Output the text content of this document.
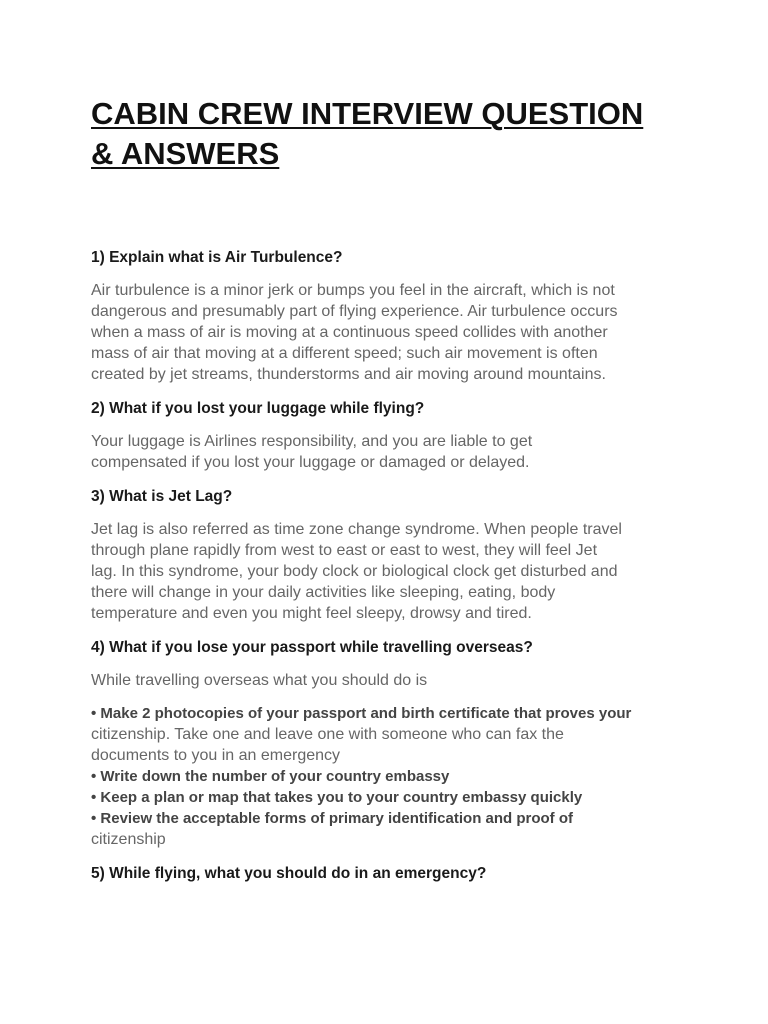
CABIN CREW INTERVIEW QUESTION
& ANSWERS

1) Explain what is Air Turbulence?

Air turbulence is a minor jerk or bumps you feel in the aircraft, which is not
dangerous and presumably part of flying experience. Air turbulence occurs
when a mass of air is moving at a continuous speed collides with another
mass of air that moving at a different speed; such air movement is often
created by jet streams, thunderstorms and air moving around mountains.

2) What if you lost your luggage while flying?

Your luggage is Airlines responsibility, and you are liable to get
compensated if you lost your luggage or damaged or delayed.

3) What is Jet Lag?

Jet lag is also referred as time zone change syndrome. When people travel
through plane rapidly from west to east or east to west, they will feel Jet
lag. In this syndrome, your body clock or biological clock get disturbed and
there will change in your daily activities like sleeping, eating, body
temperature and even you might feel sleepy, drowsy and tired.

4) What if you lose your passport while travelling overseas?

While travelling overseas what you should do is

• Make 2 photocopies of your passport and birth certificate that proves your
citizenship. Take one and leave one with someone who can fax the
documents to you in an emergency
• Write down the number of your country embassy
• Keep a plan or map that takes you to your country embassy quickly
• Review the acceptable forms of primary identification and proof of
citizenship

5) While flying, what you should do in an emergency?
